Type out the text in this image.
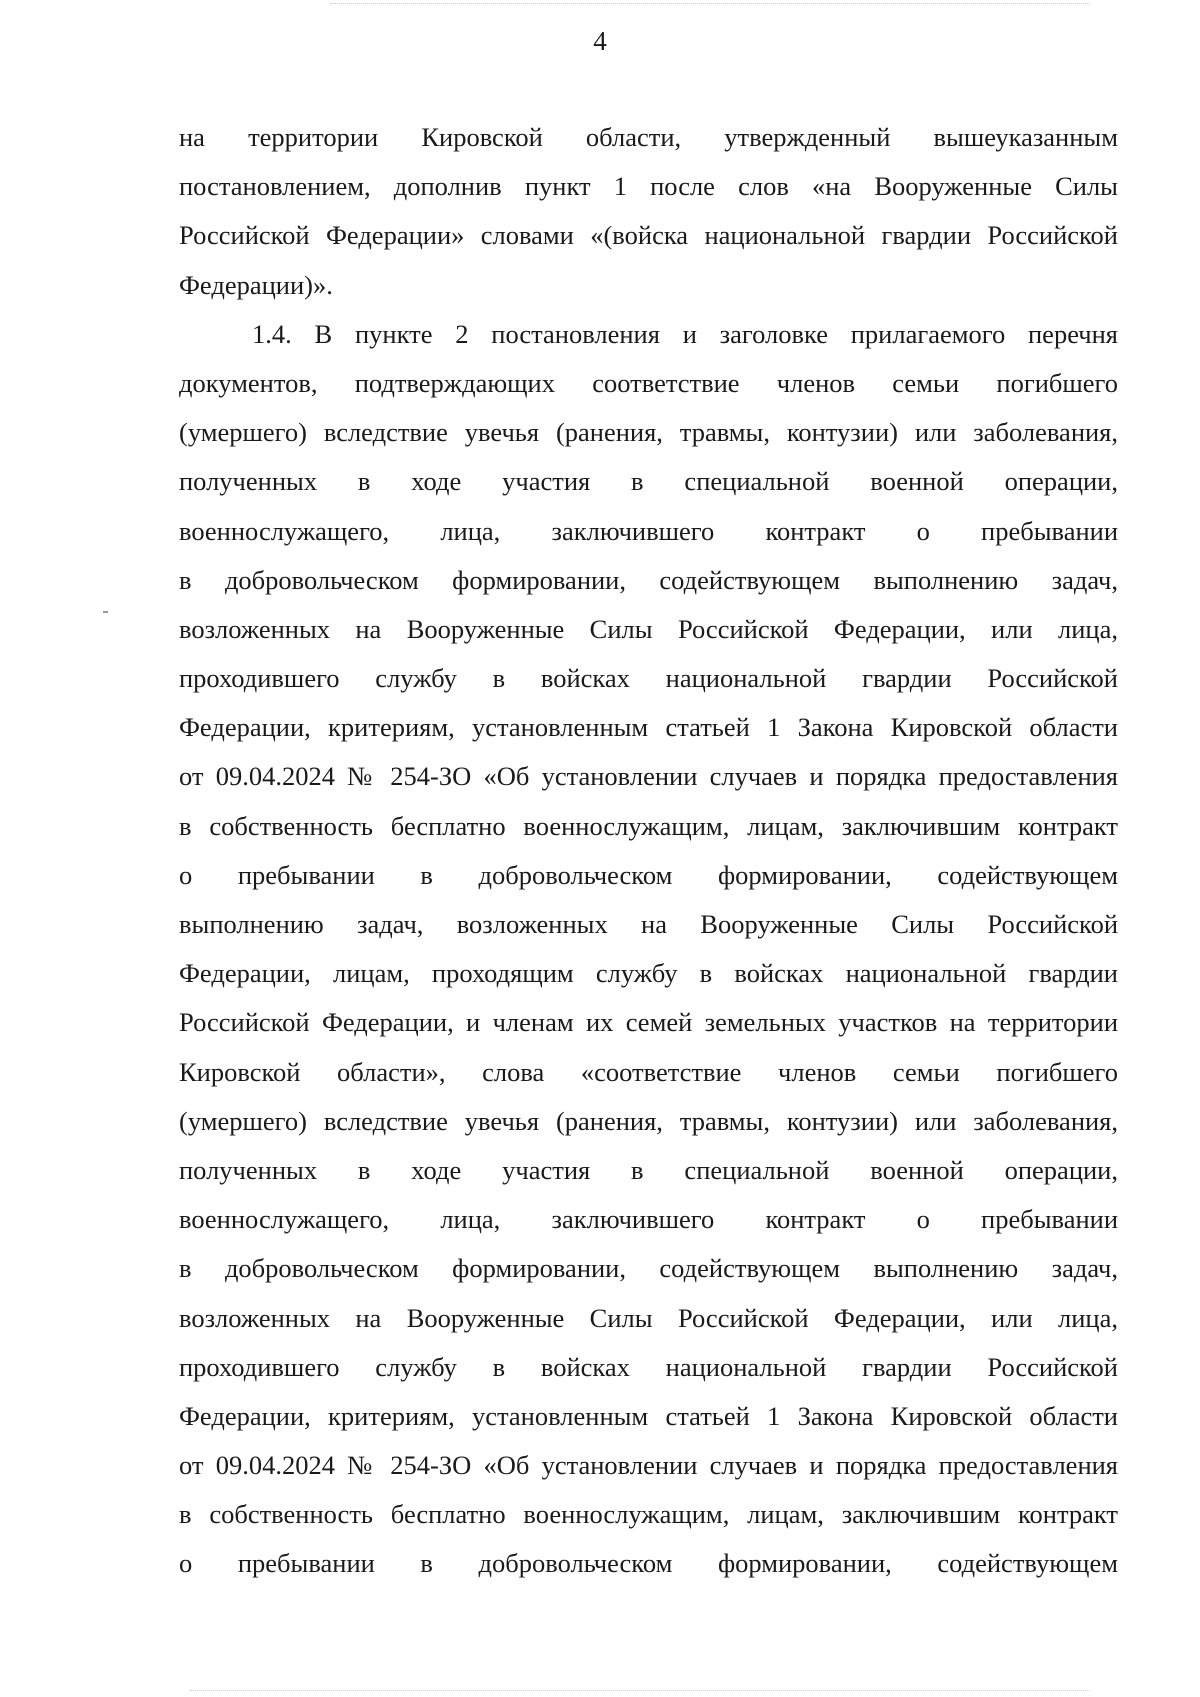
4
на территории Кировской области, утвержденный вышеуказанным
постановлением, дополнив пункт 1 после слов «на Вооруженные Силы
Российской Федерации» словами «(войска национальной гвардии Российской
Федерации)».
1.4. В пункте 2 постановления и заголовке прилагаемого перечня
документов, подтверждающих соответствие членов семьи погибшего
(умершего) вследствие увечья (ранения, травмы, контузии) или заболевания,
полученных в ходе участия в специальной военной операции,
военнослужащего, лица, заключившего контракт о пребывании
в добровольческом формировании, содействующем выполнению задач,
возложенных на Вооруженные Силы Российской Федерации, или лица,
проходившего службу в войсках национальной гвардии Российской
Федерации, критериям, установленным статьей 1 Закона Кировской области
от 09.04.2024 № 254-ЗО «Об установлении случаев и порядка предоставления
в собственность бесплатно военнослужащим, лицам, заключившим контракт
о пребывании в добровольческом формировании, содействующем
выполнению задач, возложенных на Вооруженные Силы Российской
Федерации, лицам, проходящим службу в войсках национальной гвардии
Российской Федерации, и членам их семей земельных участков на территории
Кировской области», слова «соответствие членов семьи погибшего
(умершего) вследствие увечья (ранения, травмы, контузии) или заболевания,
полученных в ходе участия в специальной военной операции,
военнослужащего, лица, заключившего контракт о пребывании
в добровольческом формировании, содействующем выполнению задач,
возложенных на Вооруженные Силы Российской Федерации, или лица,
проходившего службу в войсках национальной гвардии Российской
Федерации, критериям, установленным статьей 1 Закона Кировской области
от 09.04.2024 № 254-ЗО «Об установлении случаев и порядка предоставления
в собственность бесплатно военнослужащим, лицам, заключившим контракт
о пребывании в добровольческом формировании, содействующем
